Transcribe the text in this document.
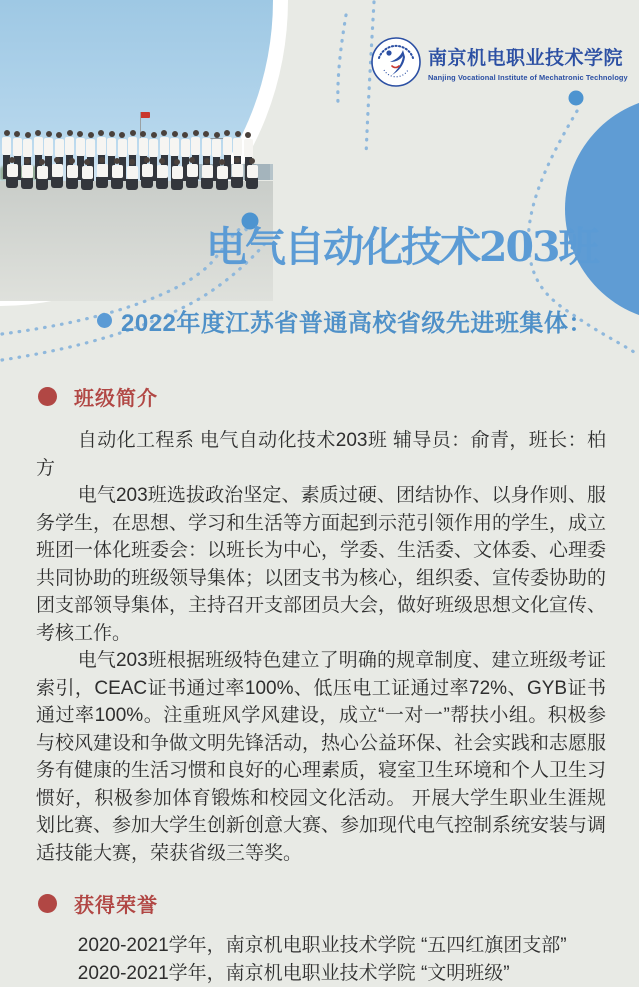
南京机电职业技术学院
Nanjing Vocational Institute of Mechatronic Technology
电气自动化技术203班
2022年度江苏省普通高校省级先进班集体：
班级简介

自动化工程系 电气自动化技术203班 辅导员：俞青，班长：柏方

电气203班选拔政治坚定、素质过硬、团结协作、以身作则、服务学生，在思想、学习和生活等方面起到示范引领作用的学生，成立班团一体化班委会：以班长为中心，学委、生活委、文体委、心理委共同协助的班级领导集体；以团支书为核心，组织委、宣传委协助的团支部领导集体，主持召开支部团员大会，做好班级思想文化宣传、考核工作。

电气203班根据班级特色建立了明确的规章制度、建立班级考证索引，CEAC证书通过率100%、低压电工证通过率72%、GYB证书通过率100%。注重班风学风建设，成立“一对一”帮扶小组。积极参与校风建设和争做文明先锋活动，热心公益环保、社会实践和志愿服务有健康的生活习惯和良好的心理素质，寝室卫生环境和个人卫生习惯好，积极参加体育锻炼和校园文化活动。 开展大学生职业生涯规划比赛、参加大学生创新创意大赛、参加现代电气控制系统安装与调适技能大赛，荣获省级三等奖。

获得荣誉

2020-2021学年，南京机电职业技术学院 “五四红旗团支部”

2020-2021学年，南京机电职业技术学院 “文明班级”
